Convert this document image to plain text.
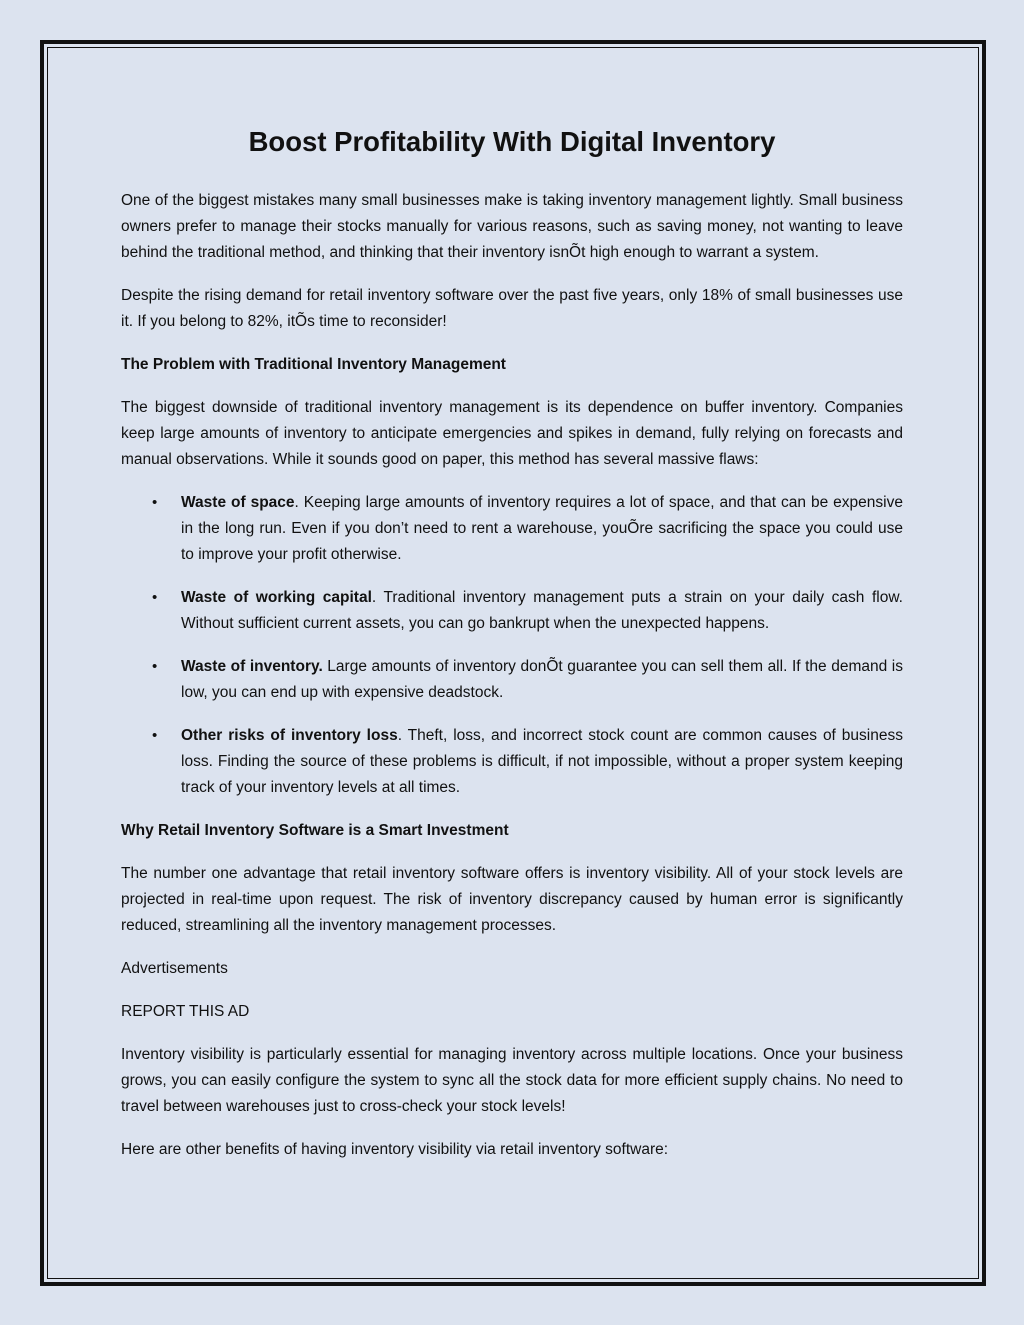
Boost Profitability With Digital Inventory

One of the biggest mistakes many small businesses make is taking inventory management lightly. Small business owners prefer to manage their stocks manually for various reasons, such as saving money, not wanting to leave behind the traditional method, and thinking that their inventory isnÕt high enough to warrant a system.

Despite the rising demand for retail inventory software over the past five years, only 18% of small businesses use it. If you belong to 82%, itÕs time to reconsider!

The Problem with Traditional Inventory Management

The biggest downside of traditional inventory management is its dependence on buffer inventory. Companies keep large amounts of inventory to anticipate emergencies and spikes in demand, fully relying on forecasts and manual observations. While it sounds good on paper, this method has several massive flaws:

• Waste of space. Keeping large amounts of inventory requires a lot of space, and that can be expensive in the long run. Even if you don’t need to rent a warehouse, youÕre sacrificing the space you could use to improve your profit otherwise.
• Waste of working capital. Traditional inventory management puts a strain on your daily cash flow. Without sufficient current assets, you can go bankrupt when the unexpected happens.
• Waste of inventory. Large amounts of inventory donÕt guarantee you can sell them all. If the demand is low, you can end up with expensive deadstock.
• Other risks of inventory loss. Theft, loss, and incorrect stock count are common causes of business loss. Finding the source of these problems is difficult, if not impossible, without a proper system keeping track of your inventory levels at all times.
Why Retail Inventory Software is a Smart Investment

The number one advantage that retail inventory software offers is inventory visibility. All of your stock levels are projected in real-time upon request. The risk of inventory discrepancy caused by human error is significantly reduced, streamlining all the inventory management processes.

Advertisements

REPORT THIS AD

Inventory visibility is particularly essential for managing inventory across multiple locations. Once your business grows, you can easily configure the system to sync all the stock data for more efficient supply chains. No need to travel between warehouses just to cross-check your stock levels!

Here are other benefits of having inventory visibility via retail inventory software:
